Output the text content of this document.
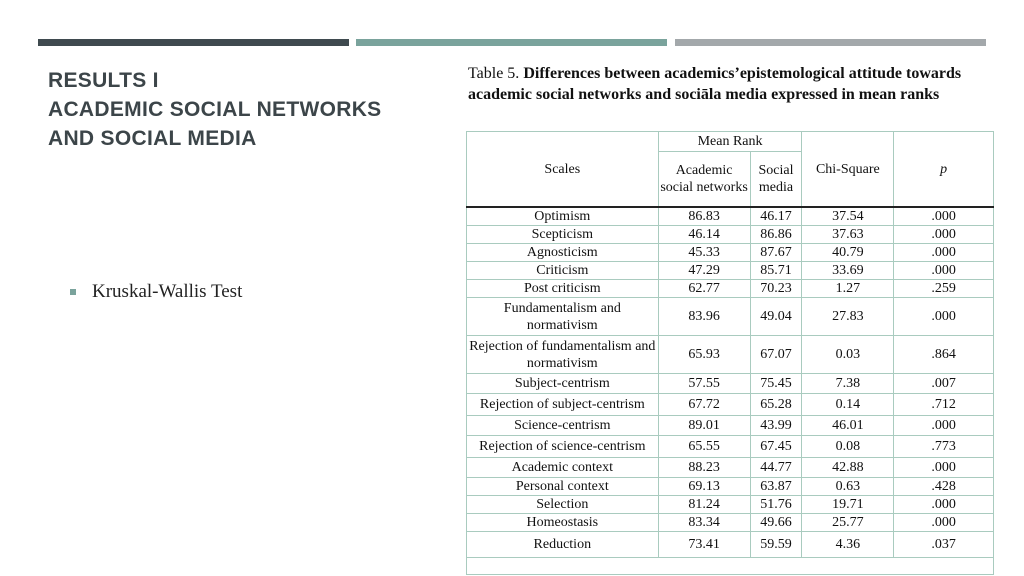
RESULTS I
ACADEMIC SOCIAL NETWORKS
AND SOCIAL MEDIA
Kruskal-Wallis Test
Table 5. Differences between academics’epistemological attitude towards academic social networks and sociāla media expressed in mean ranks
Scales	Mean Rank		Chi-Square	p
	Academic social networks	Social media		
Optimism	86.83	46.17	37.54	.000
Scepticism	46.14	86.86	37.63	.000
Agnosticism	45.33	87.67	40.79	.000
Criticism	47.29	85.71	33.69	.000
Post criticism	62.77	70.23	1.27	.259
Fundamentalism and normativism	83.96	49.04	27.83	.000
Rejection of fundamentalism and normativism	65.93	67.07	0.03	.864
Subject-centrism	57.55	75.45	7.38	.007
Rejection of subject-centrism	67.72	65.28	0.14	.712
Science-centrism	89.01	43.99	46.01	.000
Rejection of science-centrism	65.55	67.45	0.08	.773
Academic context	88.23	44.77	42.88	.000
Personal context	69.13	63.87	0.63	.428
Selection	81.24	51.76	19.71	.000
Homeostasis	83.34	49.66	25.77	.000
Reduction	73.41	59.59	4.36	.037
